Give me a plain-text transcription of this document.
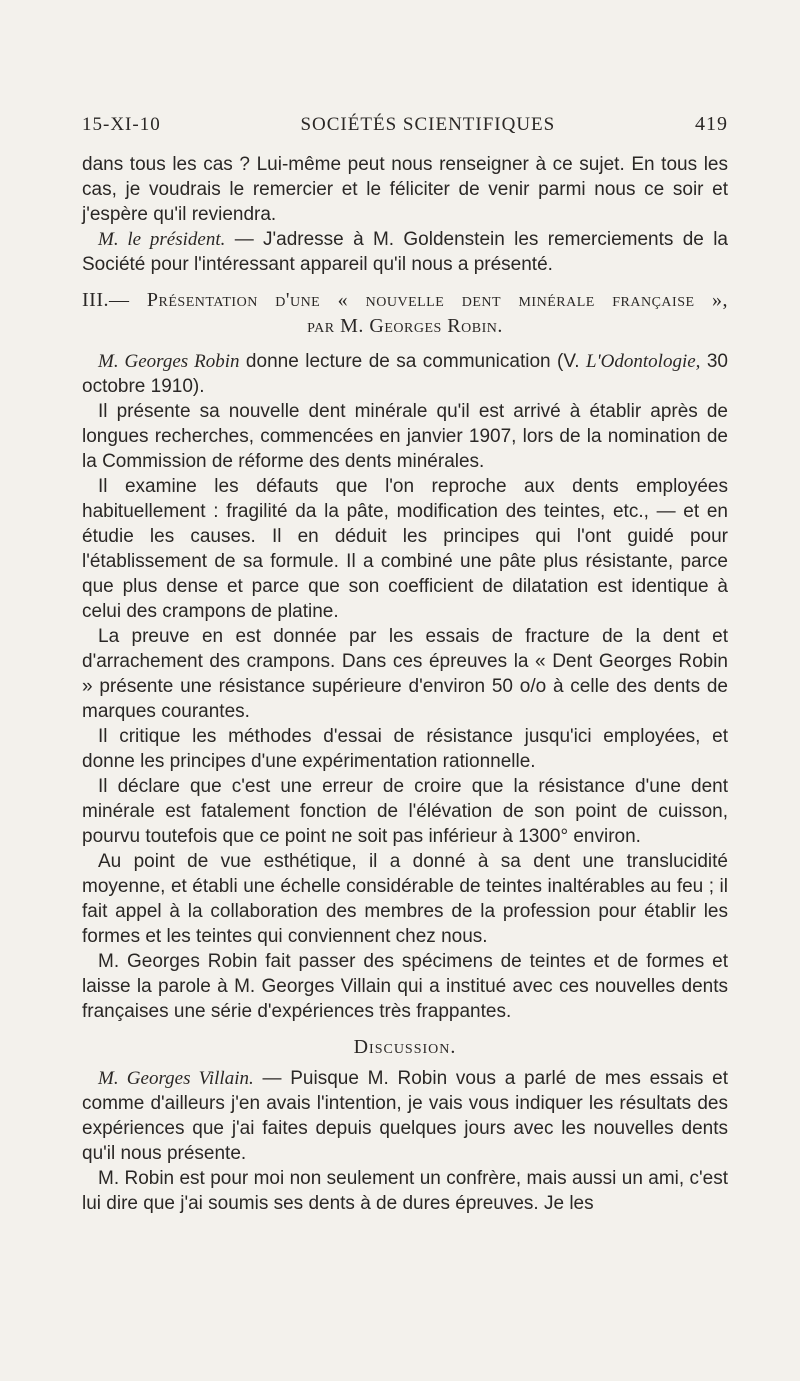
15-XI-10	SOCIÉTÉS SCIENTIFIQUES	419

dans tous les cas ? Lui-même peut nous renseigner à ce sujet. En tous les cas, je voudrais le remercier et le féliciter de venir parmi nous ce soir et j'espère qu'il reviendra.

M. le président. — J'adresse à M. Goldenstein les remerciements de la Société pour l'intéressant appareil qu'il nous a présenté.

III.— Présentation d'une « nouvelle dent minérale française »,
par M. Georges Robin.

M. Georges Robin donne lecture de sa communication (V. L'Odontologie, 30 octobre 1910).

Il présente sa nouvelle dent minérale qu'il est arrivé à établir après de longues recherches, commencées en janvier 1907, lors de la nomination de la Commission de réforme des dents minérales.

Il examine les défauts que l'on reproche aux dents employées habituellement : fragilité da la pâte, modification des teintes, etc., — et en étudie les causes. Il en déduit les principes qui l'ont guidé pour l'établissement de sa formule. Il a combiné une pâte plus résistante, parce que plus dense et parce que son coefficient de dilatation est identique à celui des crampons de platine.

La preuve en est donnée par les essais de fracture de la dent et d'arrachement des crampons. Dans ces épreuves la « Dent Georges Robin » présente une résistance supérieure d'environ 50 o/o à celle des dents de marques courantes.

Il critique les méthodes d'essai de résistance jusqu'ici employées, et donne les principes d'une expérimentation rationnelle.

Il déclare que c'est une erreur de croire que la résistance d'une dent minérale est fatalement fonction de l'élévation de son point de cuisson, pourvu toutefois que ce point ne soit pas inférieur à 1300° environ.

Au point de vue esthétique, il a donné à sa dent une translucidité moyenne, et établi une échelle considérable de teintes inaltérables au feu ; il fait appel à la collaboration des membres de la profession pour établir les formes et les teintes qui conviennent chez nous.

M. Georges Robin fait passer des spécimens de teintes et de formes et laisse la parole à M. Georges Villain qui a institué avec ces nouvelles dents françaises une série d'expériences très frappantes.

Discussion.

M. Georges Villain. — Puisque M. Robin vous a parlé de mes essais et comme d'ailleurs j'en avais l'intention, je vais vous indiquer les résultats des expériences que j'ai faites depuis quelques jours avec les nouvelles dents qu'il nous présente.

M. Robin est pour moi non seulement un confrère, mais aussi un ami, c'est lui dire que j'ai soumis ses dents à de dures épreuves. Je les
